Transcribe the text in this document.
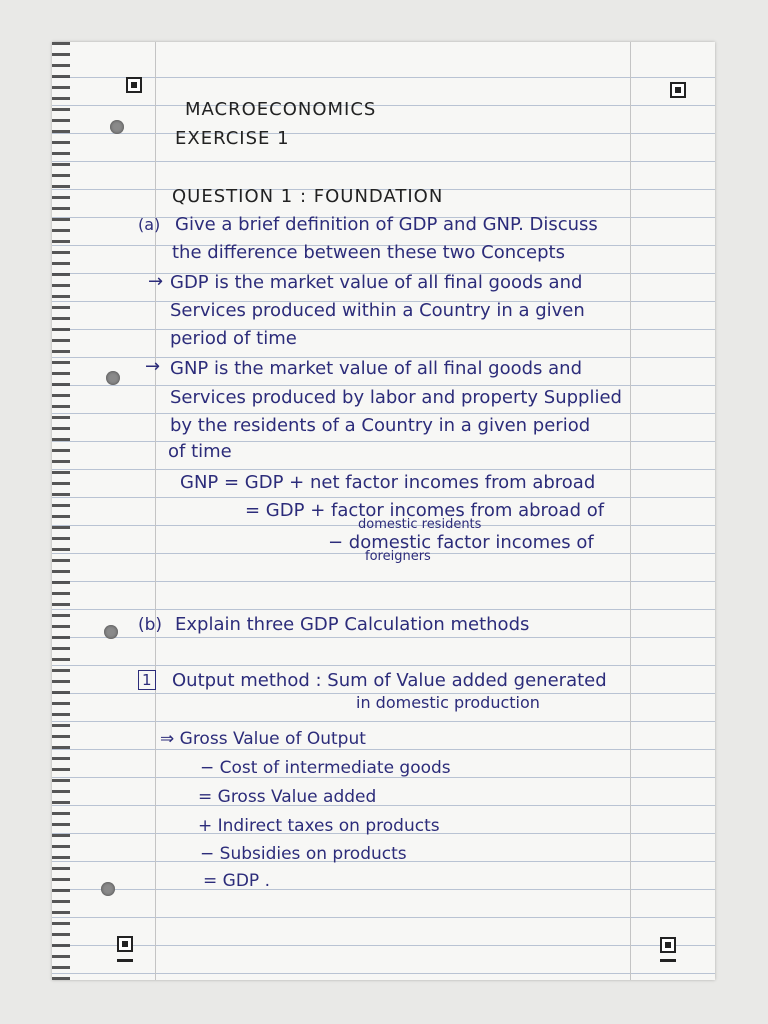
MACROECONOMICS
EXERCISE 1
QUESTION 1 : FOUNDATION
(a) Give a brief definition of GDP and GNP. Discuss
the difference between these two Concepts
→ GDP is the market value of all final goods and
Services produced within a Country in a given
period of time
→ GNP is the market value of all final goods and
Services produced by labor and property Supplied
by the residents of a Country in a given period
of time
GNP = GDP + net factor incomes from abroad
= GDP + factor incomes from abroad of
domestic residents
− domestic factor incomes of
foreigners
(b) Explain three GDP Calculation methods
1 Output method : Sum of Value added generated
in domestic production
⇒ Gross Value of Output
− Cost of intermediate goods
= Gross Value added
+ Indirect taxes on products
− Subsidies on products
= GDP .
